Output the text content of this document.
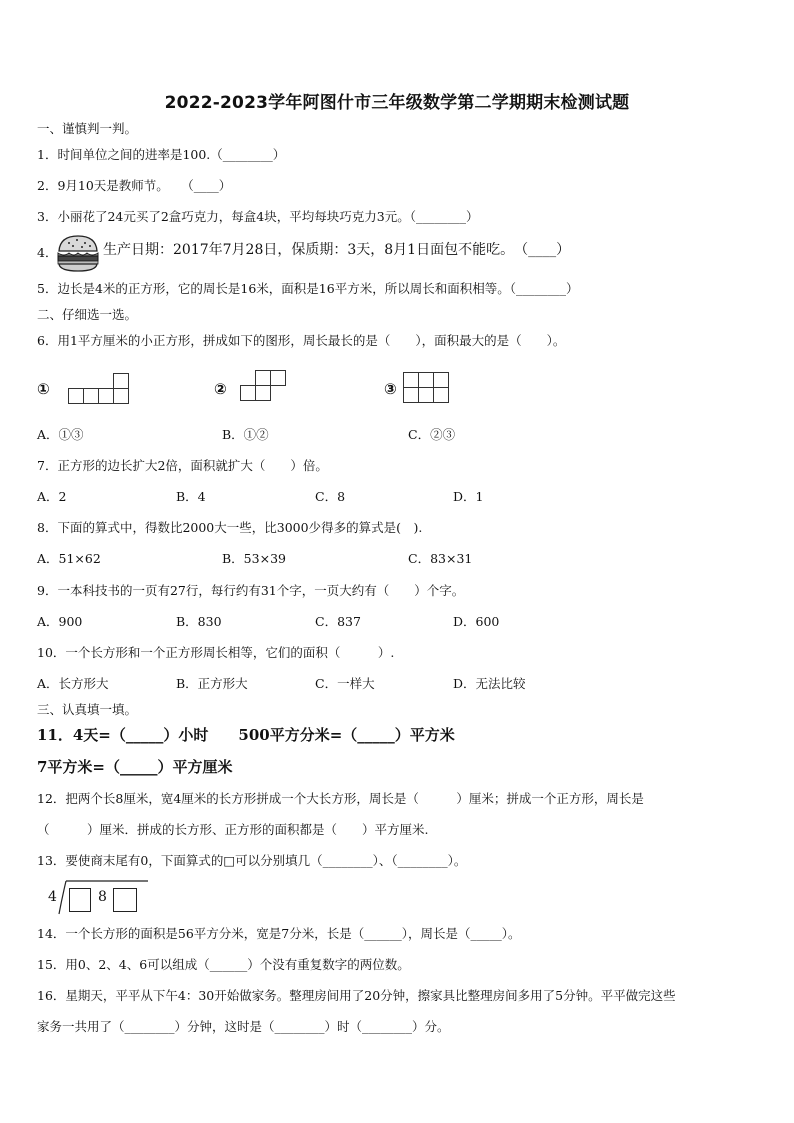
2022-2023学年阿图什市三年级数学第二学期期末检测试题
一、谨慎判一判。
1．时间单位之间的进率是100.（________）
2．9月10天是教师节。　　（____）
3．小丽花了24元买了2盒巧克力，每盒4块，平均每块巧克力3元。（________）
4．	生产日期：2017年7月28日，保质期：3天，8月1日面包不能吃。　（____）
5．边长是4米的正方形，它的周长是16米，面积是16平方米，所以周长和面积相等。（________）
二、仔细选一选。
6．用1平方厘米的小正方形，拼成如下的图形，周长最长的是（　　），面积最大的是（　　）。
①	②	③
A．①③	B．①②	C．②③
7．正方形的边长扩大2倍，面积就扩大（　　）倍。
A．2	B．4	C．8	D．1
8．下面的算式中，得数比2000大一些，比3000少得多的算式是(　).
A．51×62	B．53×39	C．83×31
9．一本科技书的一页有27行，每行约有31个字，一页大约有（　　）个字。
A．900	B．830	C．837	D．600
10．一个长方形和一个正方形周长相等，它们的面积（　　　）.
A．长方形大	B．正方形大	C．一样大	D．无法比较
三、认真填一填。
11．4天=（_____）小时　　500平方分米=（_____）平方米
7平方米=（_____）平方厘米
12．把两个长8厘米，宽4厘米的长方形拼成一个大长方形，周长是（　　　）厘米；拼成一个正方形，周长是
（　　　）厘米．拼成的长方形、正方形的面积都是（　　）平方厘米.
13．要使商末尾有0，下面算式的□可以分别填几（________）、（________）。
4	8
14．一个长方形的面积是56平方分米，宽是7分米，长是（______），周长是（_____）。
15．用0、2、4、6可以组成（______）个没有重复数字的两位数。
16．星期天，平平从下午4：30开始做家务。整理房间用了20分钟，擦家具比整理房间多用了5分钟。平平做完这些
家务一共用了（________）分钟，这时是（________）时（________）分。
